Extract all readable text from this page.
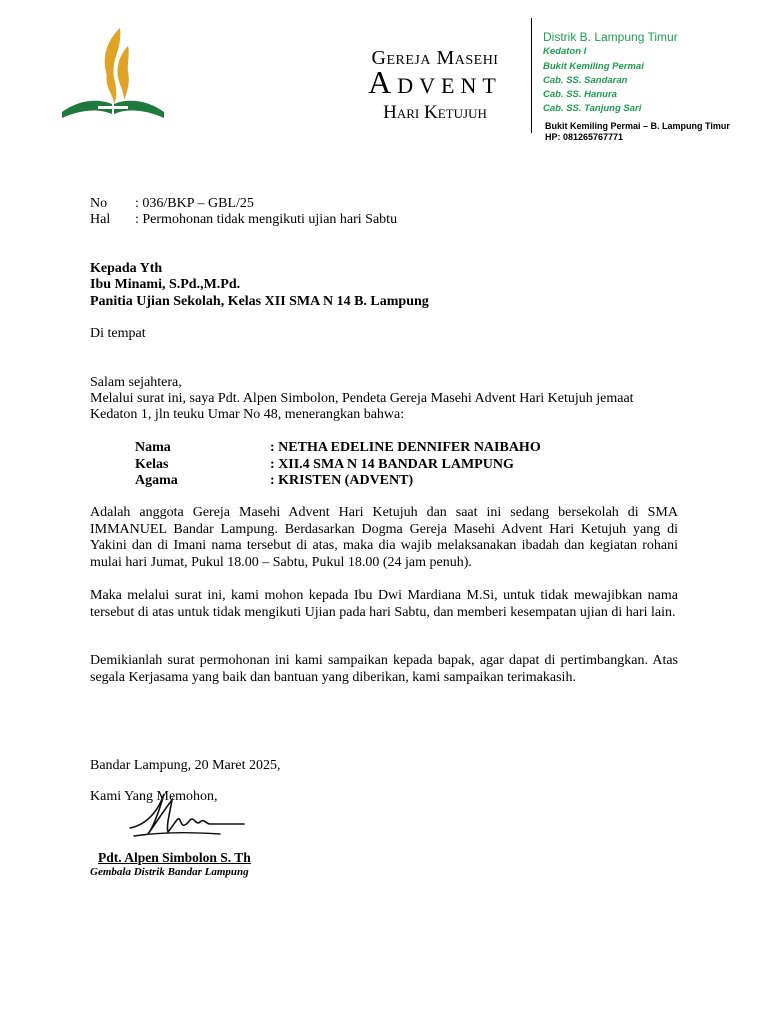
Gereja Masehi
Advent
Hari Ketujuh
Distrik B. Lampung Timur
Kedaton I
Bukit Kemiling Permai
Cab. SS. Sandaran
Cab. SS. Hanura
Cab. SS. Tanjung Sari
Bukit Kemiling Permai – B. Lampung Timur
HP: 081265767771
No : 036/BKP – GBL/25
Hal : Permohonan tidak mengikuti ujian hari Sabtu
Kepada Yth
Ibu Minami, S.Pd.,M.Pd.
Panitia Ujian Sekolah, Kelas XII SMA N 14 B. Lampung
Di tempat
Salam sejahtera,
Melalui surat ini, saya Pdt. Alpen Simbolon, Pendeta Gereja Masehi Advent Hari Ketujuh jemaat
Kedaton 1, jln teuku Umar No 48, menerangkan bahwa:
Nama	: NETHA EDELINE DENNIFER NAIBAHO
Kelas	: XII.4 SMA N 14 BANDAR LAMPUNG
Agama	: KRISTEN (ADVENT)
Adalah anggota Gereja Masehi Advent Hari Ketujuh dan saat ini sedang bersekolah di SMA IMMANUEL Bandar Lampung. Berdasarkan Dogma Gereja Masehi Advent Hari Ketujuh yang di Yakini dan di Imani nama tersebut di atas, maka dia wajib melaksanakan ibadah dan kegiatan rohani mulai hari Jumat, Pukul 18.00 – Sabtu, Pukul 18.00 (24 jam penuh).
Maka melalui surat ini, kami mohon kepada Ibu Dwi Mardiana M.Si, untuk tidak mewajibkan nama tersebut di atas untuk tidak mengikuti Ujian pada hari Sabtu, dan memberi kesempatan ujian di hari lain.
Demikianlah surat permohonan ini kami sampaikan kepada bapak, agar dapat di pertimbangkan. Atas segala Kerjasama yang baik dan bantuan yang diberikan, kami sampaikan terimakasih.
Bandar Lampung, 20 Maret 2025,
Kami Yang Memohon,
Pdt. Alpen Simbolon S. Th
Gembala Distrik Bandar Lampung
